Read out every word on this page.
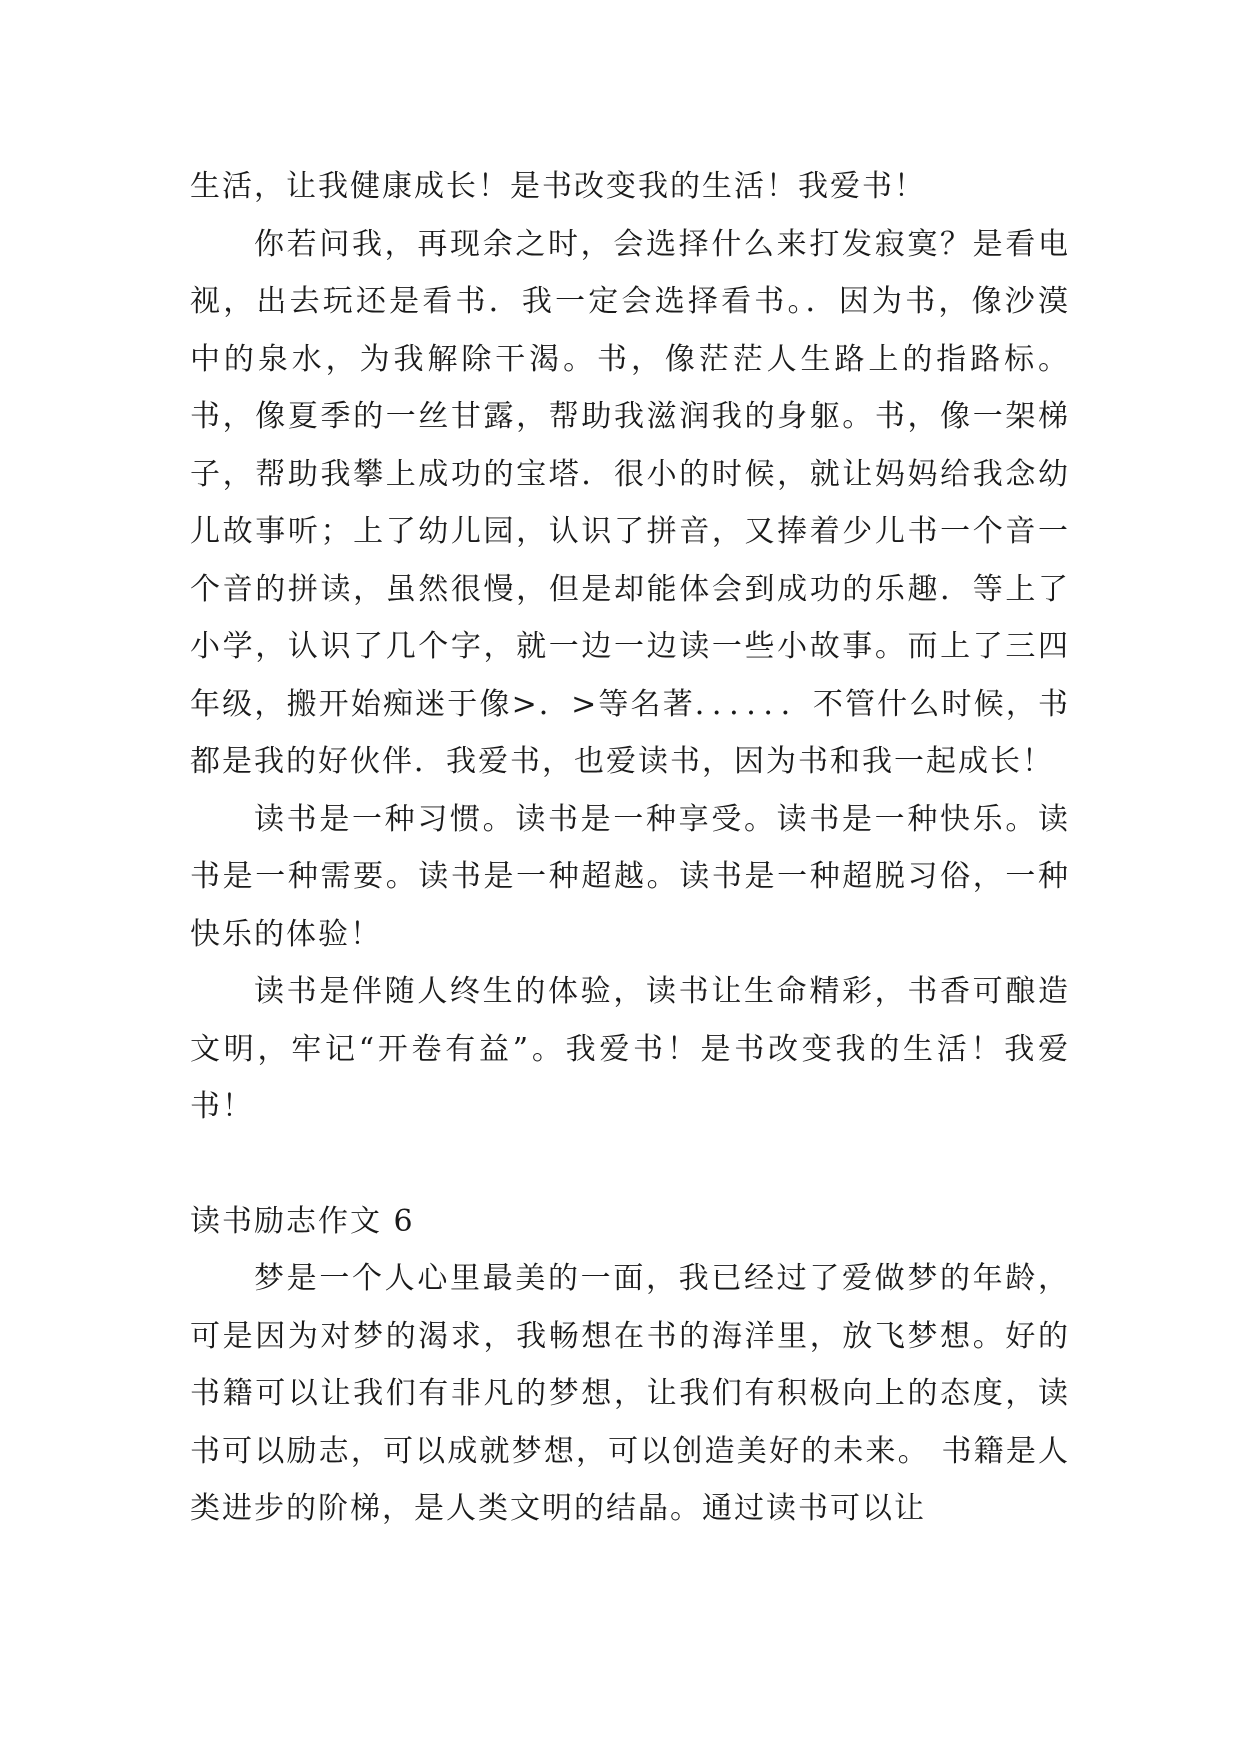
生活，让我健康成长！是书改变我的生活！我爱书！

你若问我，再现余之时，会选择什么来打发寂寞？是看电视，出去玩还是看书．我一定会选择看书。．因为书，像沙漠中的泉水，为我解除干渴。书，像茫茫人生路上的指路标。书，像夏季的一丝甘露，帮助我滋润我的身躯。书，像一架梯子，帮助我攀上成功的宝塔．很小的时候，就让妈妈给我念幼儿故事听；上了幼儿园，认识了拼音，又捧着少儿书一个音一个音的拼读，虽然很慢，但是却能体会到成功的乐趣．等上了小学，认识了几个字，就一边一边读一些小故事。而上了三四年级，搬开始痴迷于像>．>等名著．．．．．．不管什么时候，书都是我的好伙伴．我爱书，也爱读书，因为书和我一起成长！

读书是一种习惯。读书是一种享受。读书是一种快乐。读书是一种需要。读书是一种超越。读书是一种超脱习俗，一种快乐的体验！

读书是伴随人终生的体验，读书让生命精彩，书香可酿造文明，牢记“开卷有益”。我爱书！是书改变我的生活！我爱书！

读书励志作文 6

梦是一个人心里最美的一面，我已经过了爱做梦的年龄，可是因为对梦的渴求，我畅想在书的海洋里，放飞梦想。好的书籍可以让我们有非凡的梦想，让我们有积极向上的态度，读书可以励志，可以成就梦想，可以创造美好的未来。 书籍是人类进步的阶梯，是人类文明的结晶。通过读书可以让
